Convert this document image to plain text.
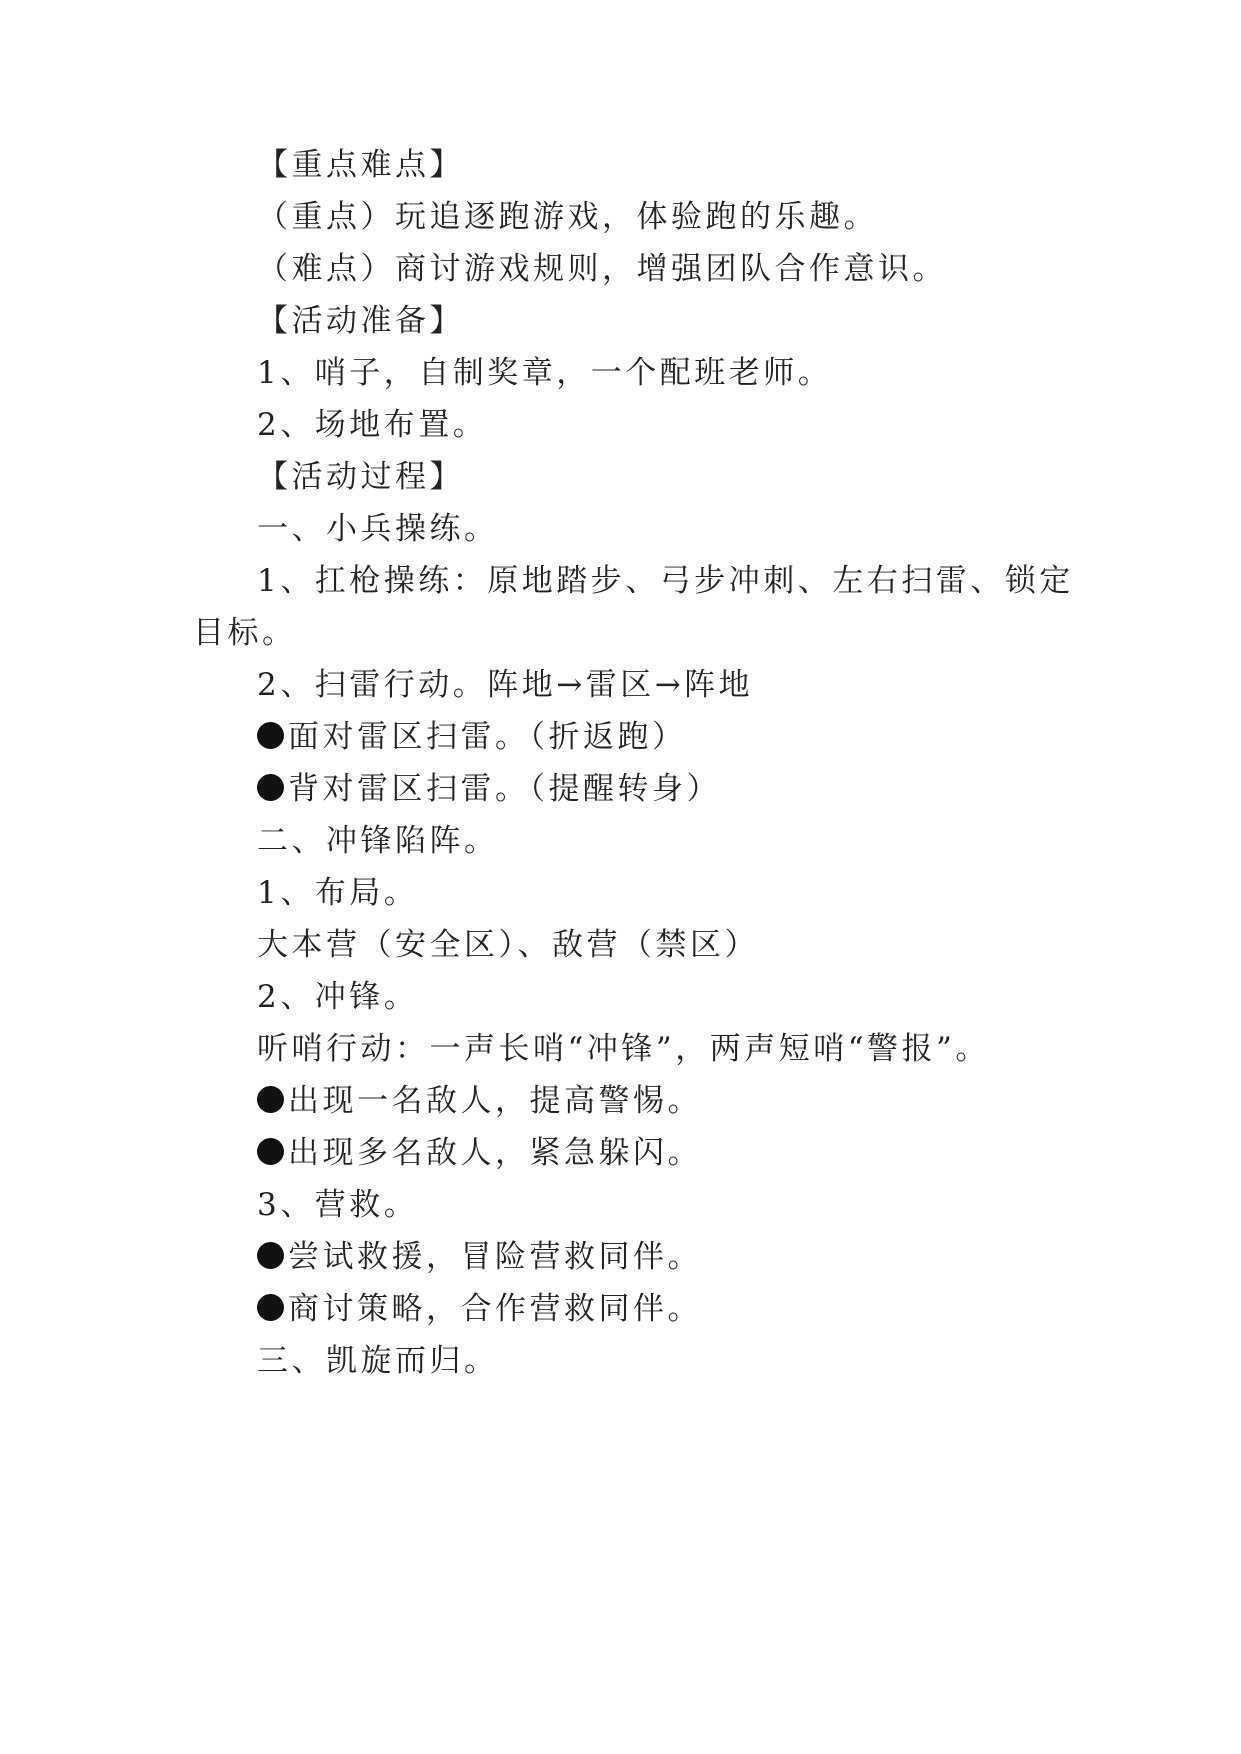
【重点难点】
（重点）玩追逐跑游戏，体验跑的乐趣。
（难点）商讨游戏规则，增强团队合作意识。
【活动准备】
1、哨子，自制奖章，一个配班老师。
2、场地布置。
【活动过程】
一、小兵操练。
1、扛枪操练：原地踏步、弓步冲刺、左右扫雷、锁定
目标。
2、扫雷行动。阵地→雷区→阵地
面对雷区扫雷。（折返跑）
背对雷区扫雷。（提醒转身）
二、冲锋陷阵。
1、布局。
大本营（安全区）、敌营（禁区）
2、冲锋。
听哨行动：一声长哨“冲锋”，两声短哨“警报”。
出现一名敌人，提高警惕。
出现多名敌人，紧急躲闪。
3、营救。
尝试救援，冒险营救同伴。
商讨策略，合作营救同伴。
三、凯旋而归。
